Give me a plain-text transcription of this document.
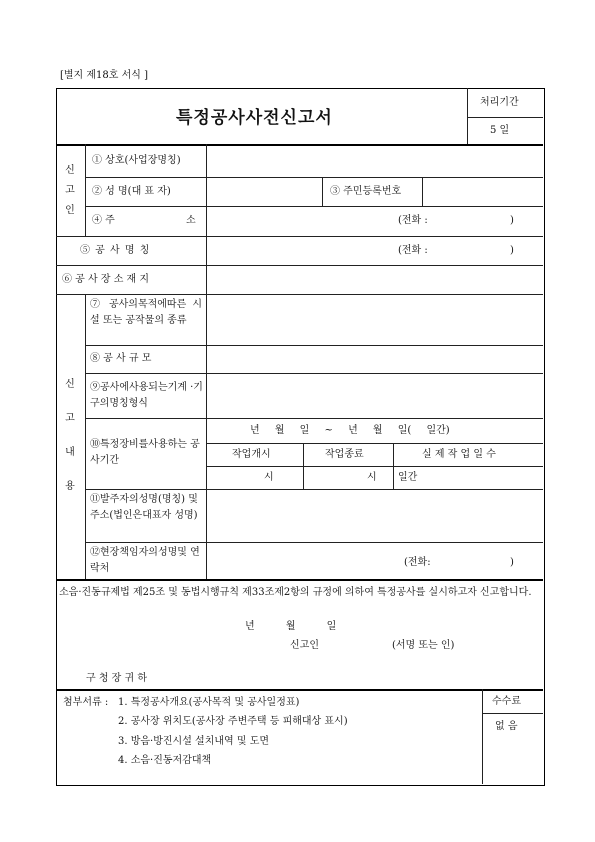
[별지 제18호 서식 ]
특정공사사전신고서
처리기간
5 일
신
고
인
① 상호(사업장명칭)
② 성 명(대 표 자)	③ 주민등록번호
④ 주	소	(전화 :	)
⑤ 공 사 명 칭	(전화 :	)
⑥ 공 사 장 소 재 지
신
고
내
용
⑦ 공사의목적에따른 시설 또는 공작물의 종류
⑧ 공 사 규 모
⑨공사에사용되는기계 ·기구의명칭형식
⑩특정장비를사용하는 공사기간
년 월 일 ~ 년 월 일( 일간)
작업개시	작업종료	실 제 작 업 일 수
시	시 일간
⑪발주자의성명(명칭) 및 주소(법인은대표자 성명)
⑫현장책임자의성명및 연락처	(전화:	)
소음·진동규제법 제25조 및 동법시행규칙 제33조제2항의 규정에 의하여 특정공사를 실시하고자 신고합니다.
년 월 일
신고인	(서명 또는 인)
구 청 장 귀 하
첨부서류 : 1. 특정공사개요(공사목적 및 공사일정표)
2. 공사장 위치도(공사장 주변주택 등 피해대상 표시)
3. 방음·방진시설 설치내역 및 도면
4. 소음·진동저감대책
수수료
없 음
